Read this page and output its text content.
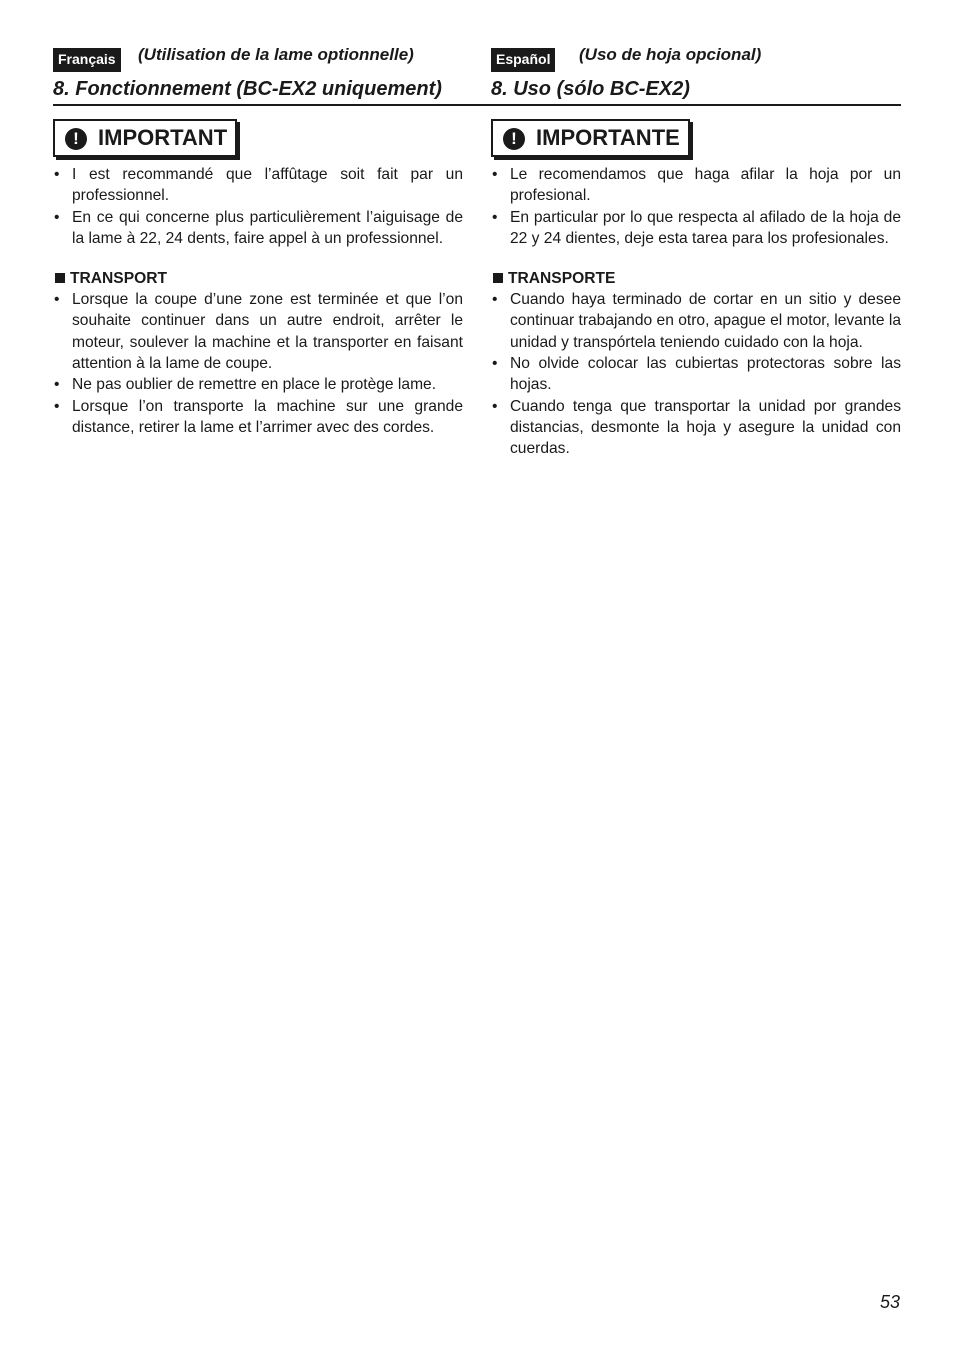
Français (Utilisation de la lame optionnelle)
8. Fonctionnement (BC-EX2 uniquement)
! IMPORTANT
• I est recommandé que l’affûtage soit fait par un professionnel.
• En ce qui concerne plus particulièrement l’aiguisage de la lame à 22, 24 dents, faire appel à un professionnel.
TRANSPORT
• Lorsque la coupe d’une zone est terminée et que l’on souhaite continuer dans un autre endroit, arrêter le moteur, soulever la machine et la transporter en faisant attention à la lame de coupe.
• Ne pas oublier de remettre en place le protège lame.
• Lorsque l’on transporte la machine sur une grande distance, retirer la lame et l’arrimer avec des cordes.
Español (Uso de hoja opcional)
8. Uso (sólo BC-EX2)
! IMPORTANTE
• Le recomendamos que haga afilar la hoja por un profesional.
• En particular por lo que respecta al afilado de la hoja de 22 y 24 dientes, deje esta tarea para los profesionales.
TRANSPORTE
• Cuando haya terminado de cortar en un sitio y desee continuar trabajando en otro, apague el motor, levante la unidad y transpórtela teniendo cuidado con la hoja.
• No olvide colocar las cubiertas protectoras sobre las hojas.
• Cuando tenga que transportar la unidad por grandes distancias, desmonte la hoja y asegure la unidad con cuerdas.
53
